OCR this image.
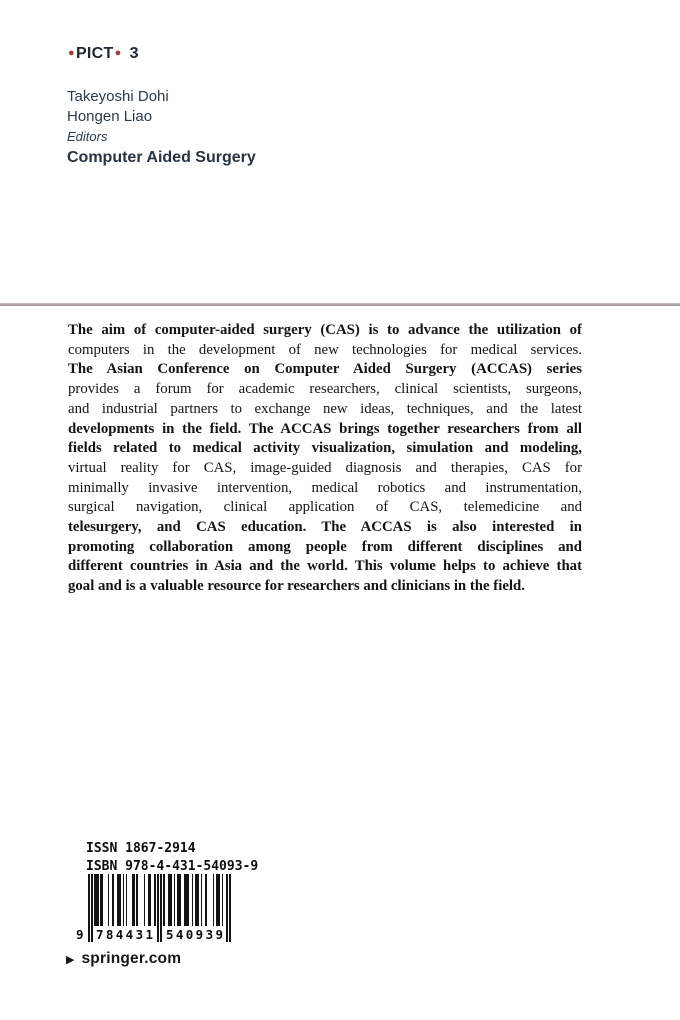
● PICT ● 3
Takeyoshi Dohi
Hongen Liao
Editors
Computer Aided Surgery
The aim of computer-aided surgery (CAS) is to advance the utilization of
computers in the development of new technologies for medical services.
The Asian Conference on Computer Aided Surgery (ACCAS) series
provides a forum for academic researchers, clinical scientists, surgeons,
and industrial partners to exchange new ideas, techniques, and the latest
developments in the field. The ACCAS brings together researchers from all
fields related to medical activity visualization, simulation and modeling,
virtual reality for CAS, image-guided diagnosis and therapies, CAS for
minimally invasive intervention, medical robotics and instrumentation,
surgical navigation, clinical application of CAS, telemedicine and
telesurgery, and CAS education. The ACCAS is also interested in
promoting collaboration among people from different disciplines and
different countries in Asia and the world. This volume helps to achieve that
goal and is a valuable resource for researchers and clinicians in the field.
ISSN 1867-2914
ISBN 978-4-431-54093-9
9 7 8 4 4 3 1 5 4 0 9 3 9
▶ springer.com
